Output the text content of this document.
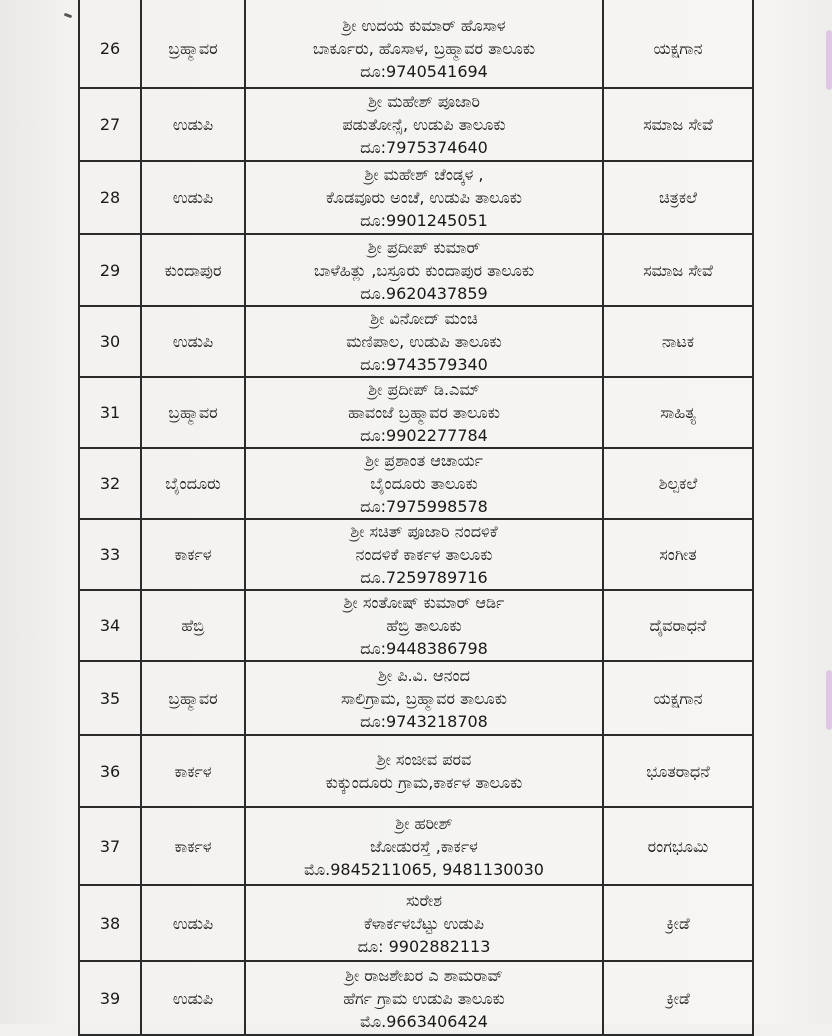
26	ಬ್ರಹ್ಮಾವರ	ಶ್ರೀ ಉದಯ ಕುಮಾರ್ ಹೊಸಾಳ
ಬಾರ್ಕೂರು, ಹೊಸಾಳ, ಬ್ರಹ್ಮಾವರ ತಾಲೂಕು
ದೂ:9740541694	ಯಕ್ಷಗಾನ
27	ಉಡುಪಿ	ಶ್ರೀ ಮಹೇಶ್ ಪೂಜಾರಿ
ಪಡುತೋನ್ಸೆ, ಉಡುಪಿ ತಾಲೂಕು
ದೂ:7975374640	ಸಮಾಜ ಸೇವೆ
28	ಉಡುಪಿ	ಶ್ರೀ ಮಹೇಶ್ ಚೆಂಡ್ಕಳ ,
ಕೊಡವೂರು ಅಂಚೆ, ಉಡುಪಿ ತಾಲೂಕು
ದೂ:9901245051	ಚಿತ್ರಕಲೆ
29	ಕುಂದಾಪುರ	ಶ್ರೀ ಪ್ರದೀಪ್ ಕುಮಾರ್
ಬಾಳೆಹಿತ್ಲು ,ಬಸ್ರೂರು ಕುಂದಾಪುರ ತಾಲೂಕು
ದೂ.9620437859	ಸಮಾಜ ಸೇವೆ
30	ಉಡುಪಿ	ಶ್ರೀ ವಿನೋದ್ ಮಂಚಿ
ಮಣಿಪಾಲ, ಉಡುಪಿ ತಾಲೂಕು
ದೂ:9743579340	ನಾಟಕ
31	ಬ್ರಹ್ಮಾವರ	ಶ್ರೀ ಪ್ರದೀಪ್ ಡಿ.ಎಮ್
ಹಾವಂಜೆ ಬ್ರಹ್ಮಾವರ ತಾಲೂಕು
ದೂ:9902277784	ಸಾಹಿತ್ಯ
32	ಬೈಂದೂರು	ಶ್ರೀ ಪ್ರಶಾಂತ ಆಚಾರ್ಯ
ಬೈಂದೂರು ತಾಲೂಕು
ದೂ:7975998578	ಶಿಲ್ಪಕಲೆ
33	ಕಾರ್ಕಳ	ಶ್ರೀ ಸಚಿತ್ ಪೂಜಾರಿ ನಂದಳಿಕೆ
ನಂದಳಿಕೆ ಕಾರ್ಕಳ ತಾಲೂಕು
ದೂ.7259789716	ಸಂಗೀತ
34	ಹೆಬ್ರಿ	ಶ್ರೀ ಸಂತೋಷ್ ಕುಮಾರ್ ಆರ್ಡಿ
ಹೆಬ್ರಿ ತಾಲೂಕು
ದೂ:9448386798	ದೈವರಾಧನೆ
35	ಬ್ರಹ್ಮಾವರ	ಶ್ರೀ ಪಿ.ವಿ. ಆನಂದ
ಸಾಲಿಗ್ರಾಮ, ಬ್ರಹ್ಮಾವರ ತಾಲೂಕು
ದೂ:9743218708	ಯಕ್ಷಗಾನ
36	ಕಾರ್ಕಳ	ಶ್ರೀ ಸಂಜೀವ ಪರವ
ಕುಕ್ಕುಂದೂರು ಗ್ರಾಮ,ಕಾರ್ಕಳ ತಾಲೂಕು	ಭೂತರಾಧನೆ
37	ಕಾರ್ಕಳ	ಶ್ರೀ ಹರೀಶ್
ಜೋಡುರಸ್ತೆ ,ಕಾರ್ಕಳ
ಮೊ.9845211065, 9481130030	ರಂಗಭೂಮಿ
38	ಉಡುಪಿ	ಸುರೇಶ
ಕೆಳಾರ್ಕಳಬೆಟ್ಟು ಉಡುಪಿ
ದೂ: 9902882113	ಕ್ರೀಡೆ
39	ಉಡುಪಿ	ಶ್ರೀ ರಾಜಶೇಖರ ಎ ಶಾಮರಾವ್
ಹೆರ್ಗ ಗ್ರಾಮ ಉಡುಪಿ ತಾಲೂಕು
ಮೊ.9663406424	ಕ್ರೀಡೆ
